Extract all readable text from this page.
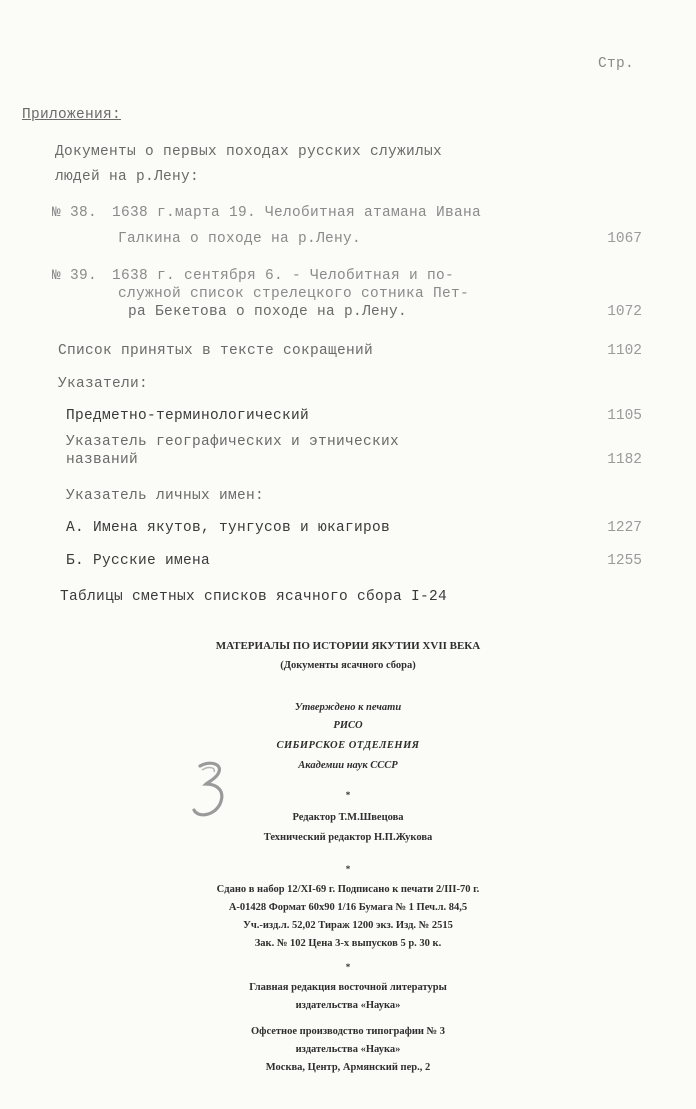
Стр.
Приложения:
Документы о первых походах русских служилых
людей на р.Лену:
№ 38. 1638 г.марта 19. Челобитная атамана Ивана
Галкина о походе на р.Лену.	1067
№ 39. 1638 г. сентября 6. - Челобитная и по-
служной список стрелецкого сотника Пет-
ра Бекетова о походе на р.Лену.	1072
Список принятых в тексте сокращений	1102
Указатели:
Предметно-терминологический	1105
Указатель географических и этнических
названий	1182
Указатель личных имен:
А. Имена якутов, тунгусов и юкагиров	1227
Б. Русские имена	1255
Таблицы сметных списков ясачного сбора I-24
МАТЕРИАЛЫ ПО ИСТОРИИ ЯКУТИИ XVII ВЕКА
(Документы ясачного сбора)
Утверждено к печати
РИСО
СИБИРСКОЕ ОТДЕЛЕНИЯ
Академии наук СССР
*
Редактор Т.М.Швецова
Технический редактор Н.П.Жукова
*
Сдано в набор 12/XI-69 г. Подписано к печати 2/III-70 г.
А-01428 Формат 60x90 1/16 Бумага № 1 Печ.л. 84,5
Уч.-изд.л. 52,02 Тираж 1200 экз. Изд. № 2515
Зак. № 102 Цена 3-х выпусков 5 р. 30 к.
*
Главная редакция восточной литературы
издательства «Наука»
Офсетное производство типографии № 3
издательства «Наука»
Москва, Центр, Армянский пер., 2
